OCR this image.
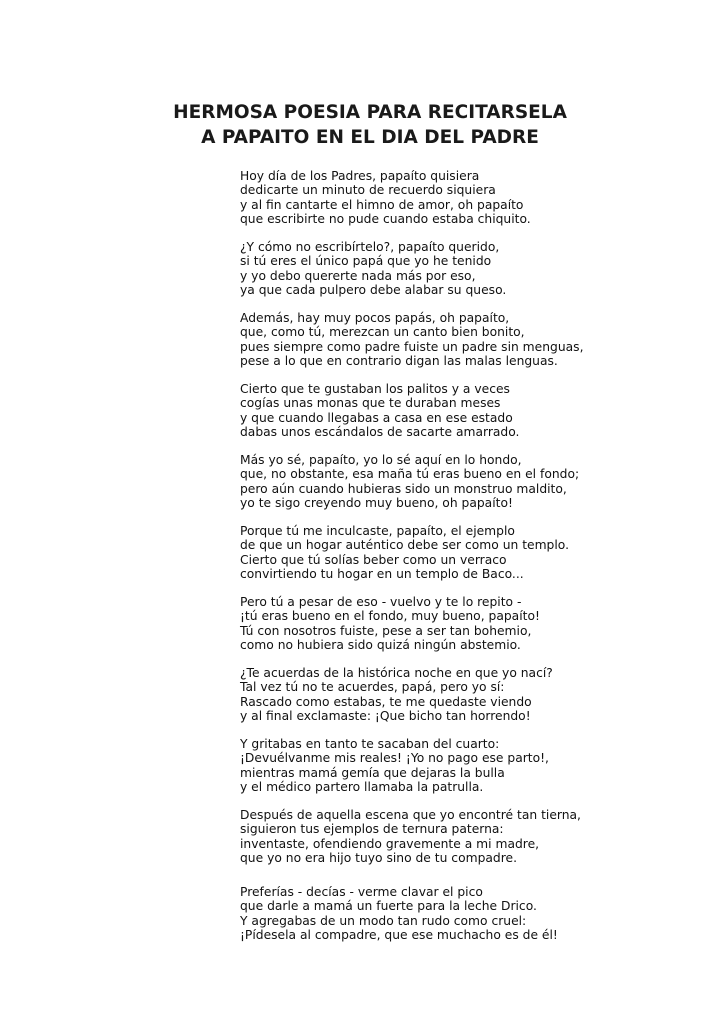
HERMOSA POESIA PARA RECITARSELA
A PAPAITO EN EL DIA DEL PADRE
Hoy día de los Padres, papaíto quisiera
dedicarte un minuto de recuerdo siquiera
y al fin cantarte el himno de amor, oh papaíto
que escribirte no pude cuando estaba chiquito.
¿Y cómo no escribírtelo?, papaíto querido,
si tú eres el único papá que yo he tenido
y yo debo quererte nada más por eso,
ya que cada pulpero debe alabar su queso.
Además, hay muy pocos papás, oh papaíto,
que, como tú, merezcan un canto bien bonito,
pues siempre como padre fuiste un padre sin menguas,
pese a lo que en contrario digan las malas lenguas.
Cierto que te gustaban los palitos y a veces
cogías unas monas que te duraban meses
y que cuando llegabas a casa en ese estado
dabas unos escándalos de sacarte amarrado.
Más yo sé, papaíto, yo lo sé aquí en lo hondo,
que, no obstante, esa maña tú eras bueno en el fondo;
pero aún cuando hubieras sido un monstruo maldito,
yo te sigo creyendo muy bueno, oh papaíto!
Porque tú me inculcaste, papaíto, el ejemplo
de que un hogar auténtico debe ser como un templo.
Cierto que tú solías beber como un verraco
convirtiendo tu hogar en un templo de Baco...
Pero tú a pesar de eso - vuelvo y te lo repito -
¡tú eras bueno en el fondo, muy bueno, papaíto!
Tú con nosotros fuiste, pese a ser tan bohemio,
como no hubiera sido quizá ningún abstemio.
¿Te acuerdas de la histórica noche en que yo nací?
Tal vez tú no te acuerdes, papá, pero yo sí:
Rascado como estabas, te me quedaste viendo
y al final exclamaste: ¡Que bicho tan horrendo!
Y gritabas en tanto te sacaban del cuarto:
¡Devuélvanme mis reales! ¡Yo no pago ese parto!,
mientras mamá gemía que dejaras la bulla
y el médico partero llamaba la patrulla.
Después de aquella escena que yo encontré tan tierna,
siguieron tus ejemplos de ternura paterna:
inventaste, ofendiendo gravemente a mi madre,
que yo no era hijo tuyo sino de tu compadre.
Preferías - decías - verme clavar el pico
que darle a mamá un fuerte para la leche Drico.
Y agregabas de un modo tan rudo como cruel:
¡Pídesela al compadre, que ese muchacho es de él!
